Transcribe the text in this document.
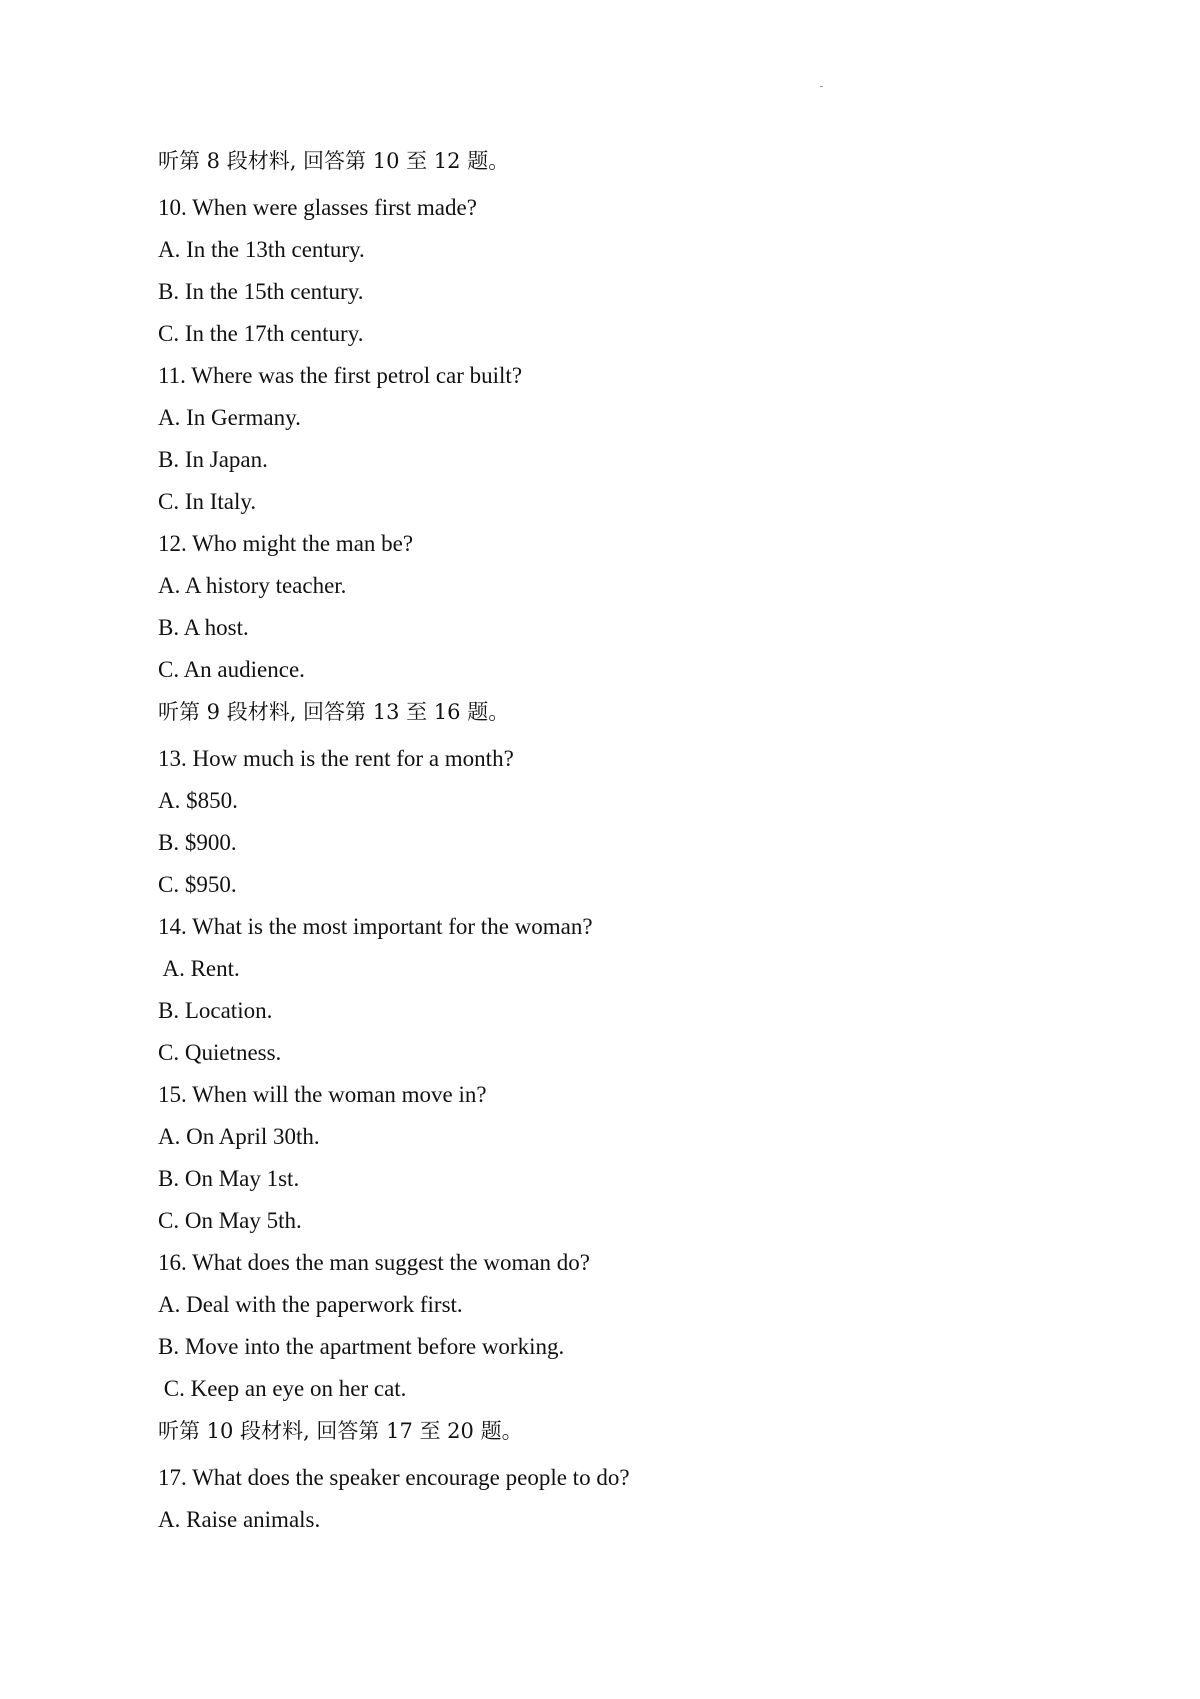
听第 8 段材料, 回答第 10 至 12 题。
10. When were glasses first made?
A. In the 13th century.
B. In the 15th century.
C. In the 17th century.
11. Where was the first petrol car built?
A. In Germany.
B. In Japan.
C. In Italy.
12. Who might the man be?
A. A history teacher.
B. A host.
C. An audience.
听第 9 段材料, 回答第 13 至 16 题。
13. How much is the rent for a month?
A. $850.
B. $900.
C. $950.
14. What is the most important for the woman?
A. Rent.
B. Location.
C. Quietness.
15. When will the woman move in?
A. On April 30th.
B. On May 1st.
C. On May 5th.
16. What does the man suggest the woman do?
A. Deal with the paperwork first.
B. Move into the apartment before working.
C. Keep an eye on her cat.
听第 10 段材料, 回答第 17 至 20 题。
17. What does the speaker encourage people to do?
A. Raise animals.
